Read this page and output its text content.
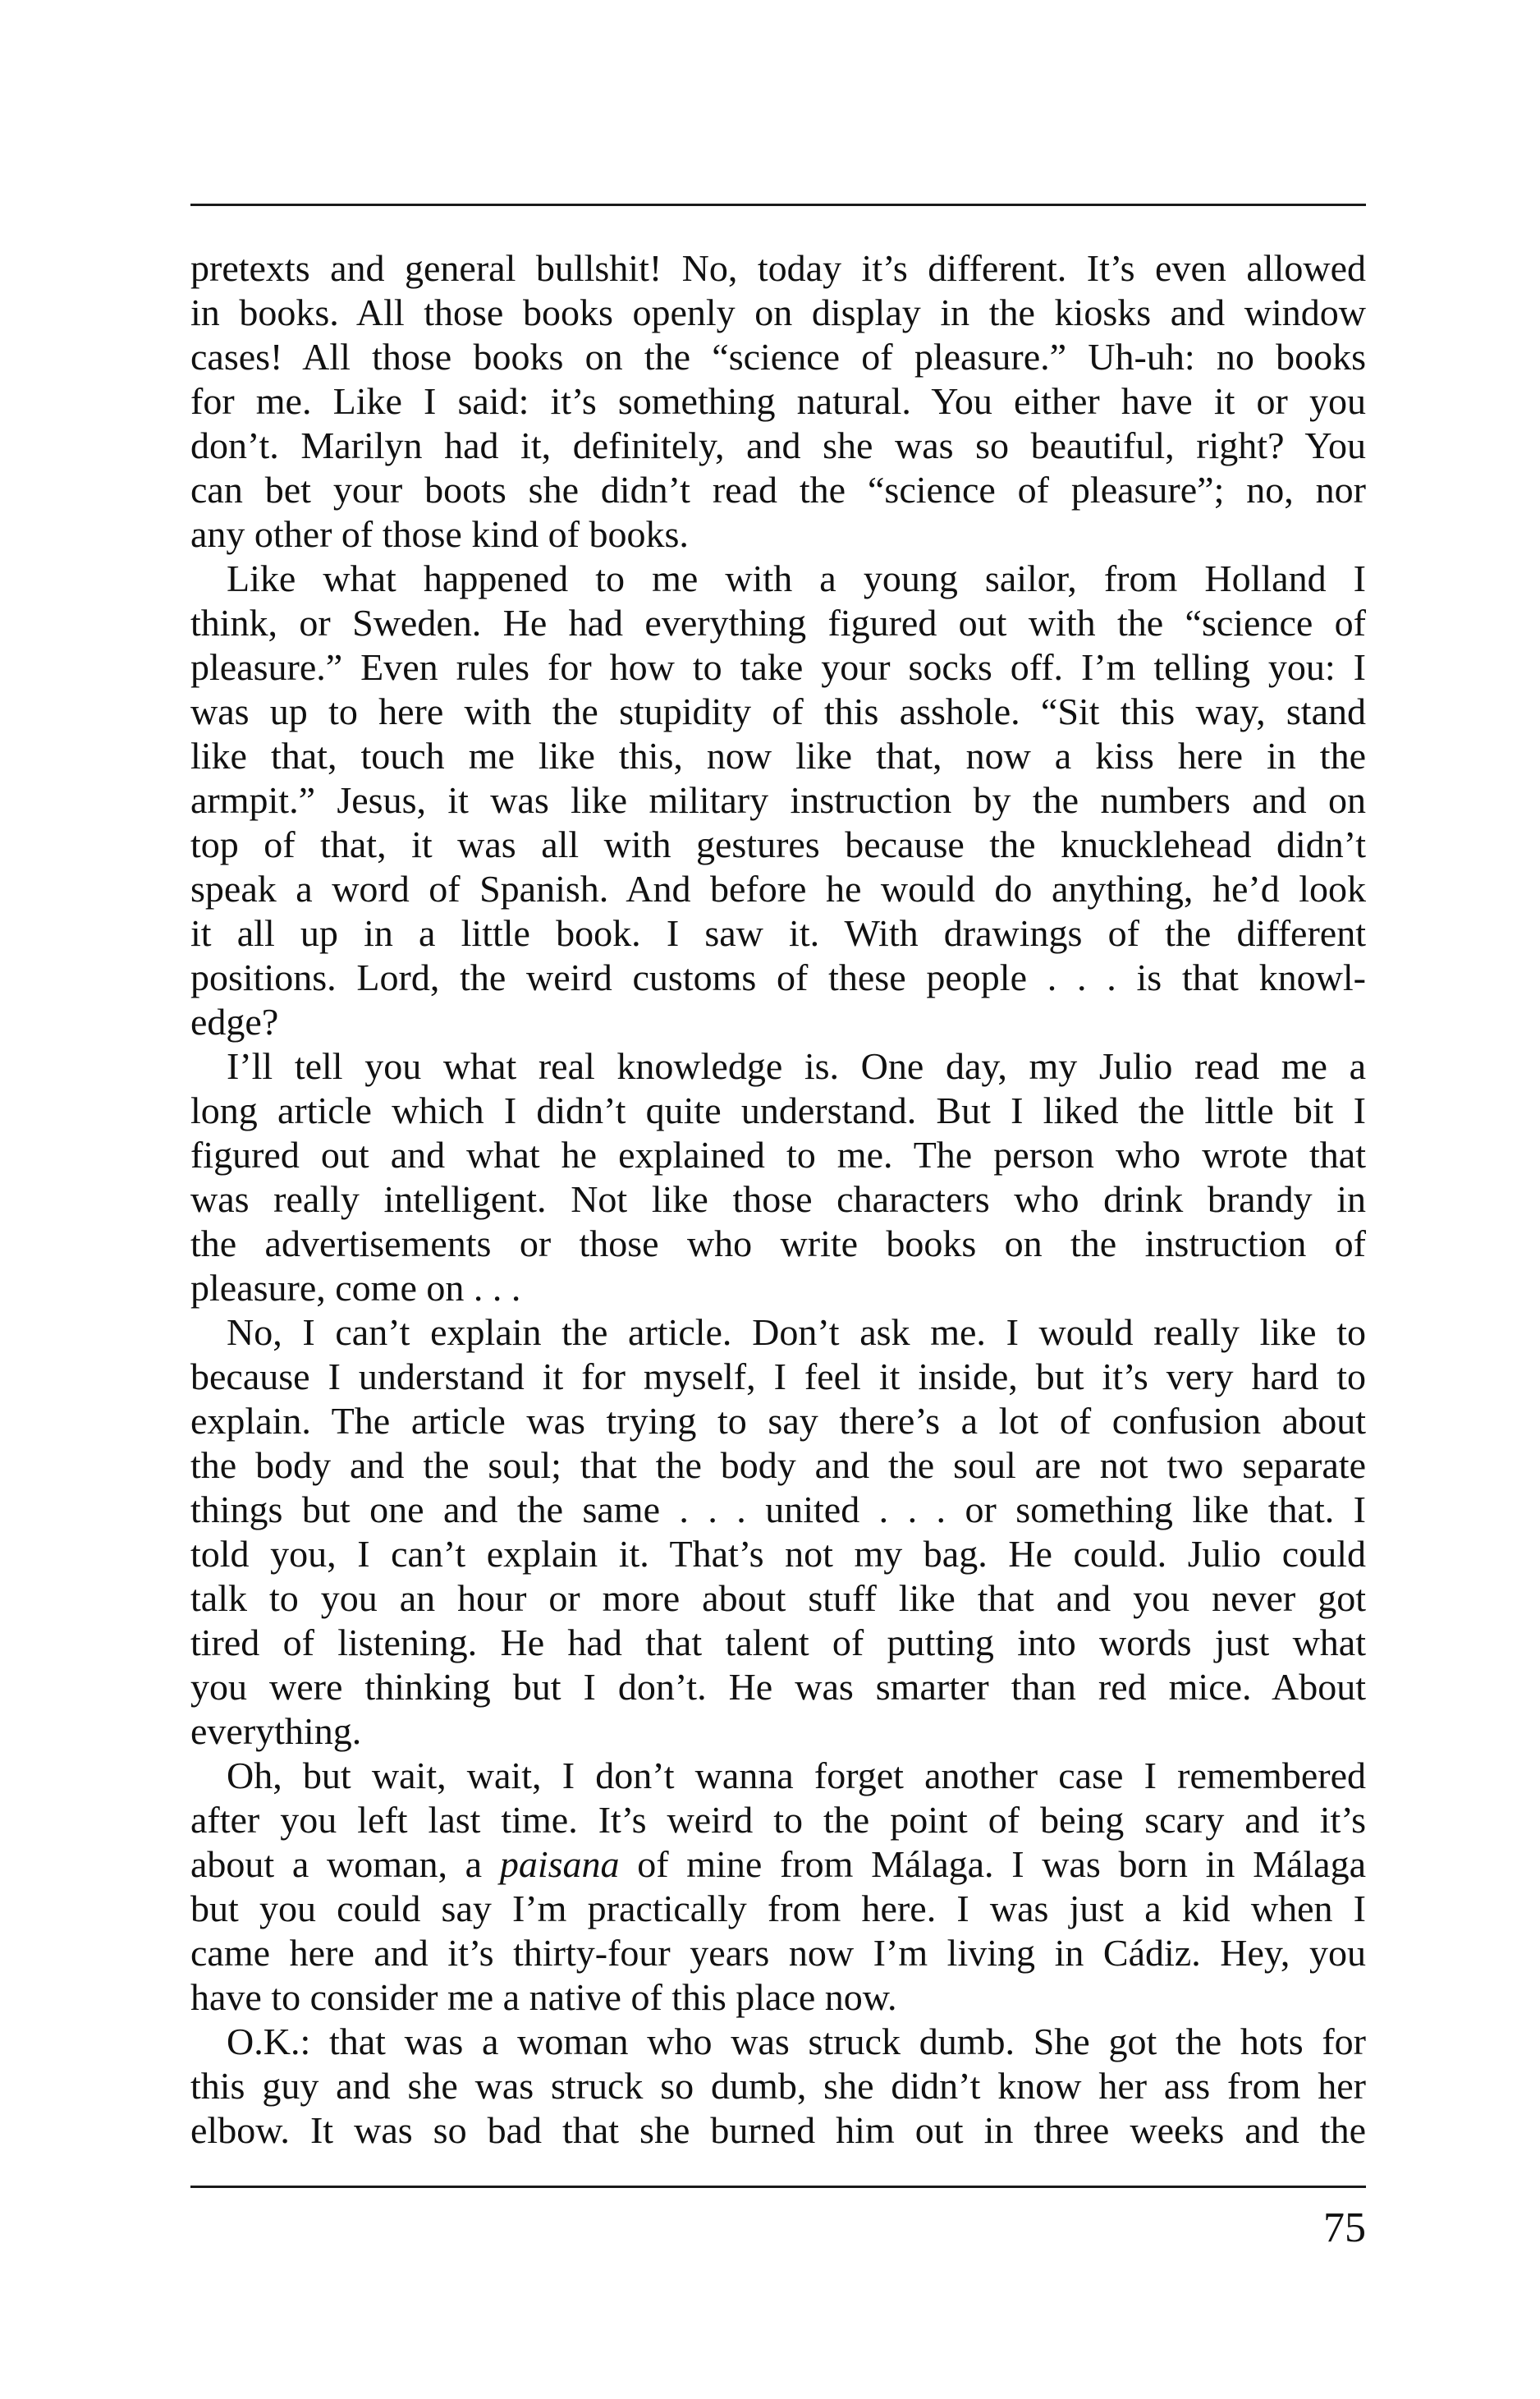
pretexts and general bullshit! No, today it’s different. It’s even allowed
in books. All those books openly on display in the kiosks and window
cases! All those books on the “science of pleasure.” Uh-uh: no books
for me. Like I said: it’s something natural. You either have it or you
don’t. Marilyn had it, definitely, and she was so beautiful, right? You
can bet your boots she didn’t read the “science of pleasure”; no, nor
any other of those kind of books.
Like what happened to me with a young sailor, from Holland I
think, or Sweden. He had everything figured out with the “science of
pleasure.” Even rules for how to take your socks off. I’m telling you: I
was up to here with the stupidity of this asshole. “Sit this way, stand
like that, touch me like this, now like that, now a kiss here in the
armpit.” Jesus, it was like military instruction by the numbers and on
top of that, it was all with gestures because the knucklehead didn’t
speak a word of Spanish. And before he would do anything, he’d look
it all up in a little book. I saw it. With drawings of the different
positions. Lord, the weird customs of these people . . . is that knowl-
edge?
I’ll tell you what real knowledge is. One day, my Julio read me a
long article which I didn’t quite understand. But I liked the little bit I
figured out and what he explained to me. The person who wrote that
was really intelligent. Not like those characters who drink brandy in
the advertisements or those who write books on the instruction of
pleasure, come on . . .
No, I can’t explain the article. Don’t ask me. I would really like to
because I understand it for myself, I feel it inside, but it’s very hard to
explain. The article was trying to say there’s a lot of confusion about
the body and the soul; that the body and the soul are not two separate
things but one and the same . . . united . . . or something like that. I
told you, I can’t explain it. That’s not my bag. He could. Julio could
talk to you an hour or more about stuff like that and you never got
tired of listening. He had that talent of putting into words just what
you were thinking but I don’t. He was smarter than red mice. About
everything.
Oh, but wait, wait, I don’t wanna forget another case I remembered
after you left last time. It’s weird to the point of being scary and it’s
about a woman, a paisana of mine from Málaga. I was born in Málaga
but you could say I’m practically from here. I was just a kid when I
came here and it’s thirty-four years now I’m living in Cádiz. Hey, you
have to consider me a native of this place now.
O.K.: that was a woman who was struck dumb. She got the hots for
this guy and she was struck so dumb, she didn’t know her ass from her
elbow. It was so bad that she burned him out in three weeks and the
75
